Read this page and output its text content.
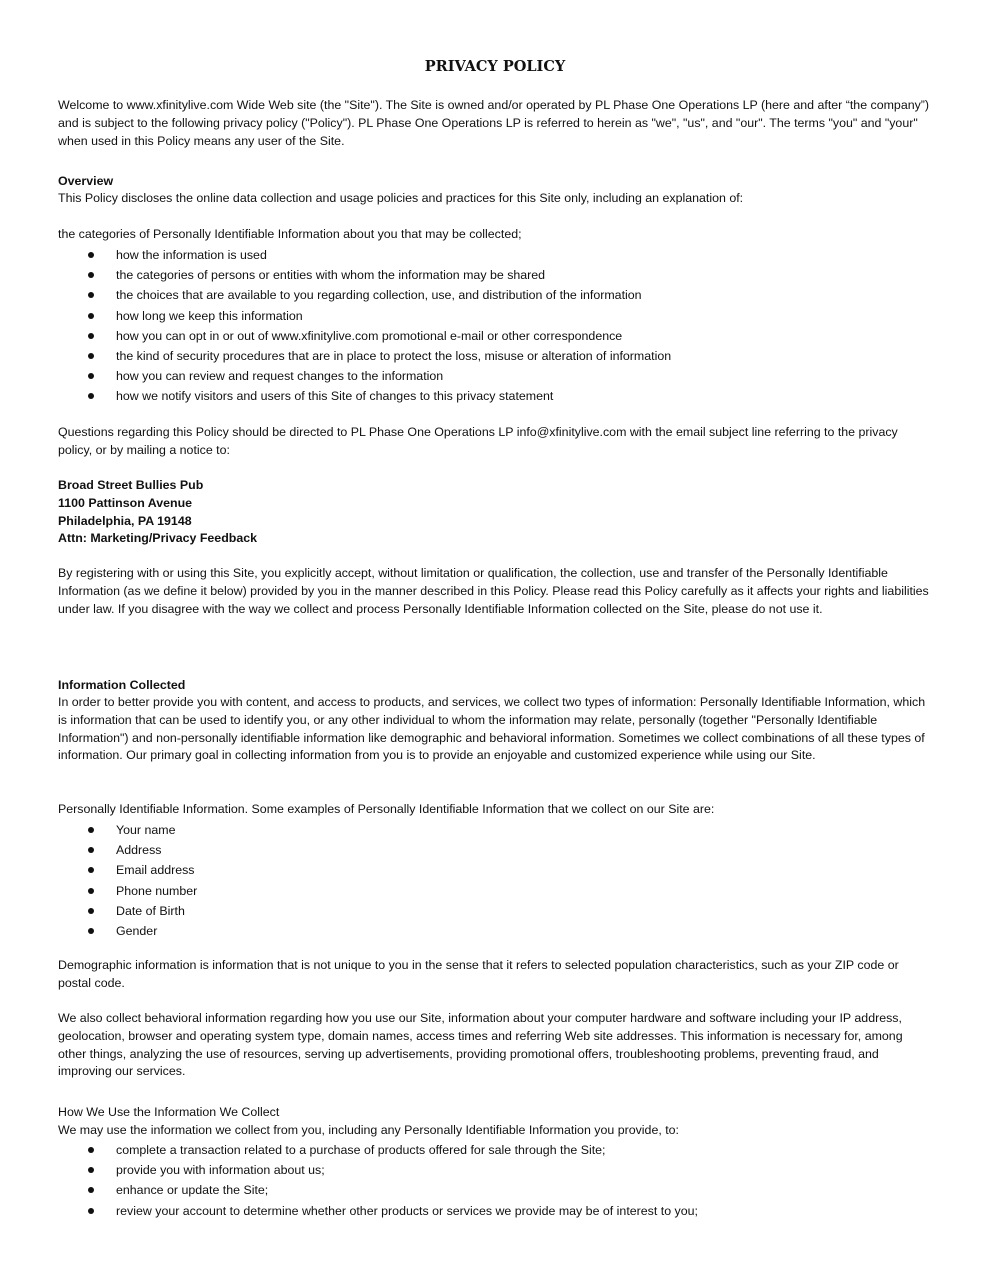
PRIVACY POLICY

Welcome to www.xfinitylive.com Wide Web site (the "Site"). The Site is owned and/or operated by PL Phase One Operations LP (here and after “the company”) and is subject to the following privacy policy ("Policy"). PL Phase One Operations LP is referred to herein as "we", "us", and "our". The terms "you" and "your" when used in this Policy means any user of the Site.

Overview

This Policy discloses the online data collection and usage policies and practices for this Site only, including an explanation of:

the categories of Personally Identifiable Information about you that may be collected;

how the information is used
the categories of persons or entities with whom the information may be shared
the choices that are available to you regarding collection, use, and distribution of the information
how long we keep this information
how you can opt in or out of www.xfinitylive.com promotional e-mail or other correspondence
the kind of security procedures that are in place to protect the loss, misuse or alteration of information
how you can review and request changes to the information
how we notify visitors and users of this Site of changes to this privacy statement

Questions regarding this Policy should be directed to PL Phase One Operations LP info@xfinitylive.com with the email subject line referring to the privacy policy, or by mailing a notice to:

Broad Street Bullies Pub
1100 Pattinson Avenue
Philadelphia, PA 19148
Attn: Marketing/Privacy Feedback

By registering with or using this Site, you explicitly accept, without limitation or qualification, the collection, use and transfer of the Personally Identifiable Information (as we define it below) provided by you in the manner described in this Policy. Please read this Policy carefully as it affects your rights and liabilities under law. If you disagree with the way we collect and process Personally Identifiable Information collected on the Site, please do not use it.

Information Collected

In order to better provide you with content, and access to products, and services, we collect two types of information: Personally Identifiable Information, which is information that can be used to identify you, or any other individual to whom the information may relate, personally (together "Personally Identifiable Information") and non-personally identifiable information like demographic and behavioral information. Sometimes we collect combinations of all these types of information. Our primary goal in collecting information from you is to provide an enjoyable and customized experience while using our Site.

Personally Identifiable Information. Some examples of Personally Identifiable Information that we collect on our Site are:

Your name
Address
Email address
Phone number
Date of Birth
Gender

Demographic information is information that is not unique to you in the sense that it refers to selected population characteristics, such as your ZIP code or postal code.

We also collect behavioral information regarding how you use our Site, information about your computer hardware and software including your IP address, geolocation, browser and operating system type, domain names, access times and referring Web site addresses. This information is necessary for, among other things, analyzing the use of resources, serving up advertisements, providing promotional offers, troubleshooting problems, preventing fraud, and improving our services.

How We Use the Information We Collect

We may use the information we collect from you, including any Personally Identifiable Information you provide, to:

complete a transaction related to a purchase of products offered for sale through the Site;
provide you with information about us;
enhance or update the Site;
review your account to determine whether other products or services we provide may be of interest to you;
